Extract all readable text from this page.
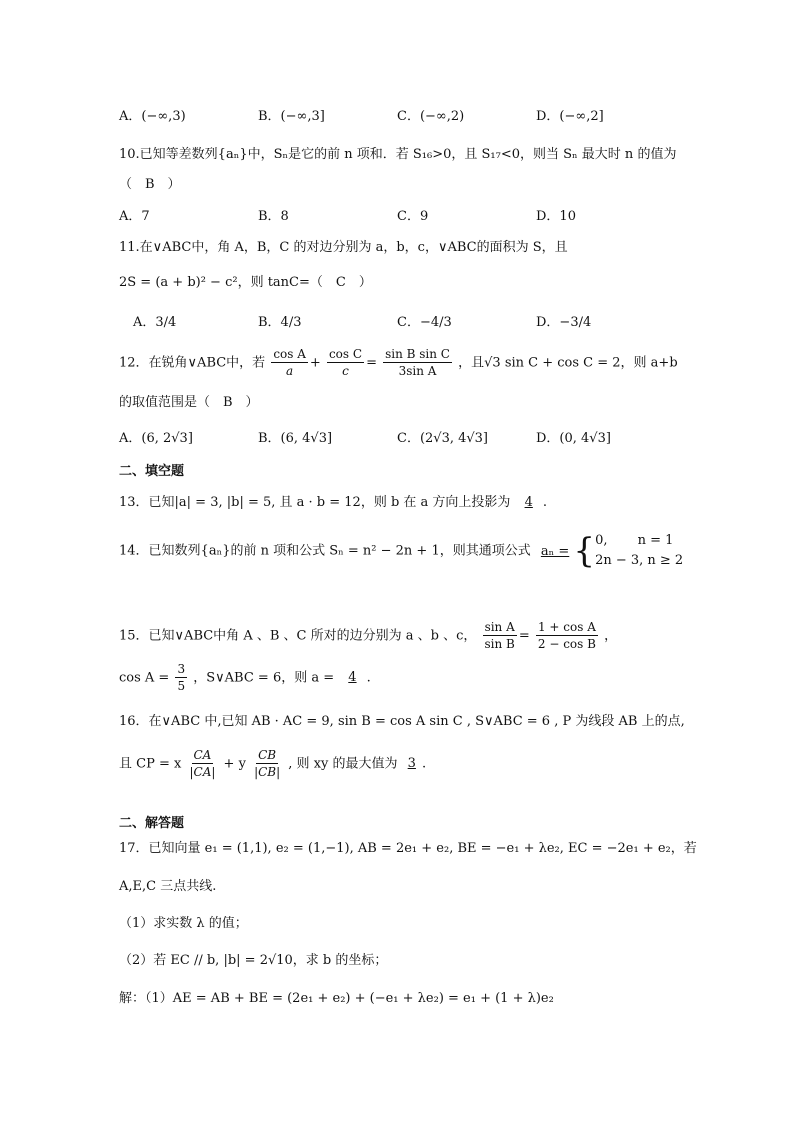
A．(−∞,3)	B．(−∞,3]	C．(−∞,2)	D．(−∞,2]
10.已知等差数列{aₙ}中，Sₙ是它的前 n 项和．若 S₁₆>0，且 S₁₇<0，则当 Sₙ 最大时 n 的值为
（　B　）
A．7	B．8	C．9	D．10
11.在∨ABC中，角 A，B，C 的对边分别为 a，b，c，∨ABC的面积为 S，且
2S = (a + b)² − c²，则 tanC=（　C　）
A．3/4	B．4/3	C．−4/3	D．−3/4
12．在锐角∨ABC中，若 $\frac{\text{cos A}}{a} + \frac{\text{cos C}}{c} = \frac{\text{sin B sin C}}{\text{3sin A}}$ ，且√3 sin C + cos C = 2，则 a+b
的取值范围是（　B　）
A．(6, 2√3]	B．(6, 4√3]	C．(2√3, 4√3]	D．(0, 4√3]
二、填空题
13．已知|a| = 3, |b| = 5, 且 a · b = 12，则 b 在 a 方向上投影为 4 .
14．已知数列{aₙ}的前 n 项和公式 Sₙ = n² − 2n + 1，则其通项公式 aₙ = { 0,　　 n = 1
2n − 3, n ≥ 2
15．已知∨ABC中角 A 、B 、C 所对的边分别为 a 、b 、c， $\frac{\text{sin A}}{\text{sin B}} = \frac{\text{1 + cos A}}{\text{2 − cos B}}$ ，
$\cos A = \frac{3}{5}$ ，S∨ABC = 6，则 a = 4 .
16．在∨ABC 中,已知 AB · AC = 9, sin B = cos A sin C , S∨ABC = 6 , P 为线段 AB 上的点,
且 CP = x $\frac{CA}{|CA|} + y \frac{CB}{|CB|}$ , 则 xy 的最大值为 3 .
二、解答题
17．已知向量 e₁ = (1,1), e₂ = (1,−1), AB = 2e₁ + e₂, BE = −e₁ + λe₂, EC = −2e₁ + e₂，若
A,E,C 三点共线.
（1）求实数 λ 的值；
（2）若 EC // b, |b| = 2√10，求 b 的坐标；
解：（1）AE = AB + BE = (2e₁ + e₂) + (−e₁ + λe₂) = e₁ + (1 + λ)e₂
